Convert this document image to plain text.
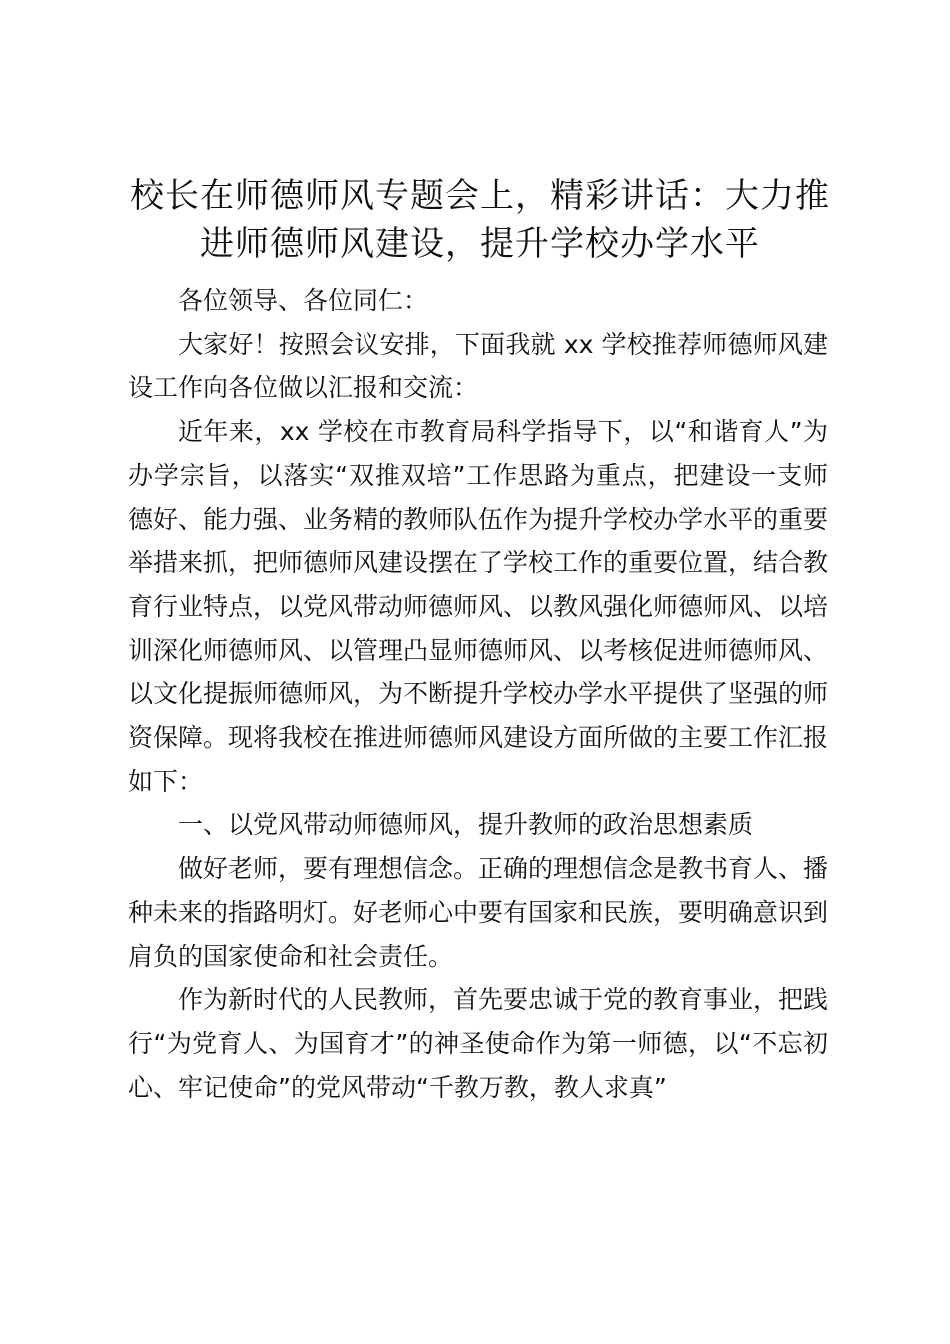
校长在师德师风专题会上，精彩讲话：大力推
进师德师风建设，提升学校办学水平

各位领导、各位同仁：

大家好！按照会议安排，下面我就 xx 学校推荐师德师风建设工作向各位做以汇报和交流：

近年来，xx 学校在市教育局科学指导下，以“和谐育人”为办学宗旨，以落实“双推双培”工作思路为重点，把建设一支师德好、能力强、业务精的教师队伍作为提升学校办学水平的重要举措来抓，把师德师风建设摆在了学校工作的重要位置，结合教育行业特点，以党风带动师德师风、以教风强化师德师风、以培训深化师德师风、以管理凸显师德师风、以考核促进师德师风、以文化提振师德师风，为不断提升学校办学水平提供了坚强的师资保障。现将我校在推进师德师风建设方面所做的主要工作汇报如下：

一、以党风带动师德师风，提升教师的政治思想素质

做好老师，要有理想信念。正确的理想信念是教书育人、播种未来的指路明灯。好老师心中要有国家和民族，要明确意识到肩负的国家使命和社会责任。

作为新时代的人民教师，首先要忠诚于党的教育事业，把践行“为党育人、为国育才”的神圣使命作为第一师德，以“不忘初心、牢记使命”的党风带动“千教万教，教人求真”
